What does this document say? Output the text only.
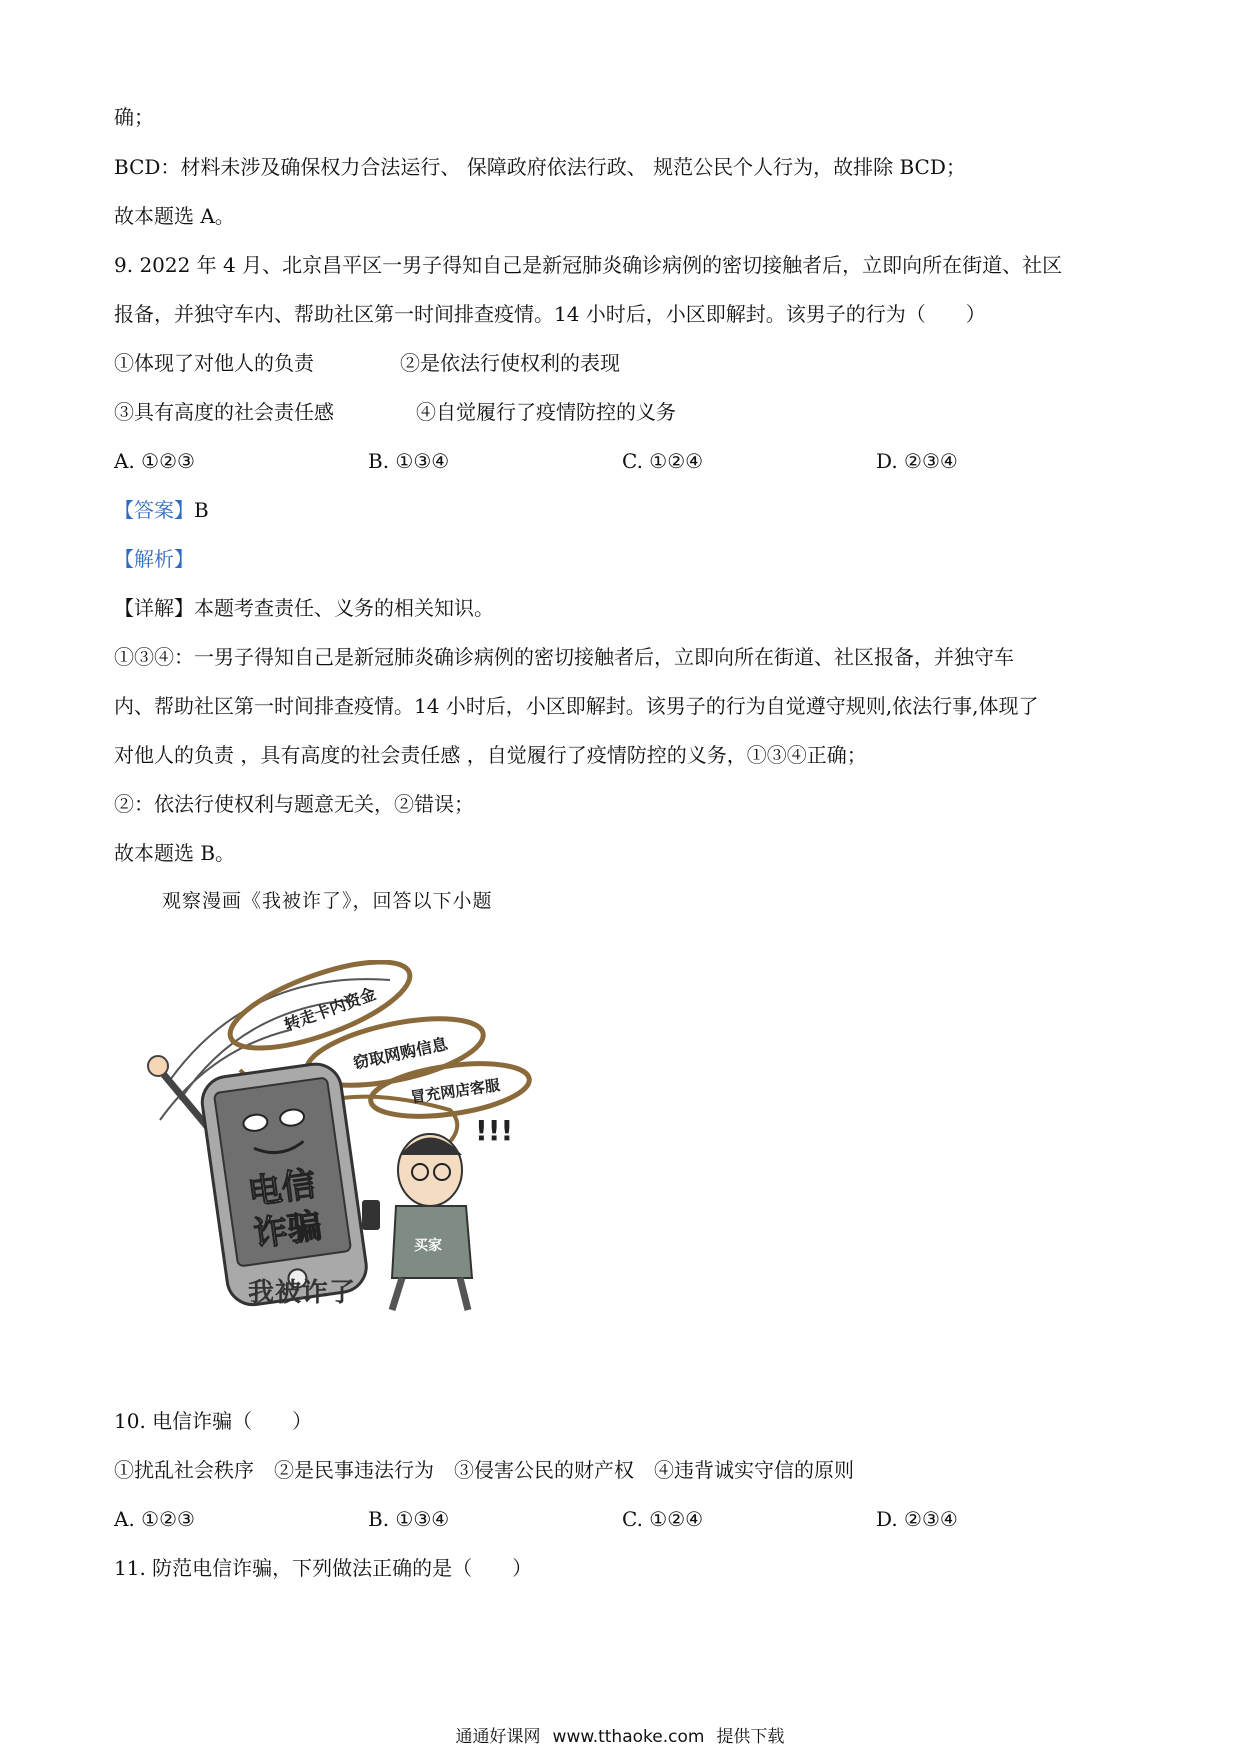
确；
BCD：材料未涉及确保权力合法运行、 保障政府依法行政、 规范公民个人行为，故排除 BCD；
故本题选 A。
9. 2022 年 4 月、北京昌平区一男子得知自己是新冠肺炎确诊病例的密切接触者后，立即向所在街道、社区
报备，并独守车内、帮助社区第一时间排查疫情。14 小时后，小区即解封。该男子的行为（　　）
①体现了对他人的负责	②是依法行使权利的表现
③具有高度的社会责任感	④自觉履行了疫情防控的义务
A. ①②③	B. ①③④	C. ①②④	D. ②③④
【答案】B
【解析】
【详解】本题考查责任、义务的相关知识。
①③④：一男子得知自己是新冠肺炎确诊病例的密切接触者后，立即向所在街道、社区报备，并独守车
内、帮助社区第一时间排查疫情。14 小时后，小区即解封。该男子的行为自觉遵守规则,依法行事,体现了
对他人的负责 ，具有高度的社会责任感 ，自觉履行了疫情防控的义务，①③④正确；
②：依法行使权利与题意无关，②错误；
故本题选 B。
观察漫画《我被诈了》，回答以下小题
转走卡内资金
窃取网购信息
冒充网店客服
电信
诈骗	买家
!!!
我被诈了
10. 电信诈骗（　　）
①扰乱社会秩序　②是民事违法行为　③侵害公民的财产权　④违背诚实守信的原则
A. ①②③	B. ①③④	C. ①②④	D. ②③④
11. 防范电信诈骗，下列做法正确的是（　　）
通通好课网 www.tthaoke.com 提供下载
